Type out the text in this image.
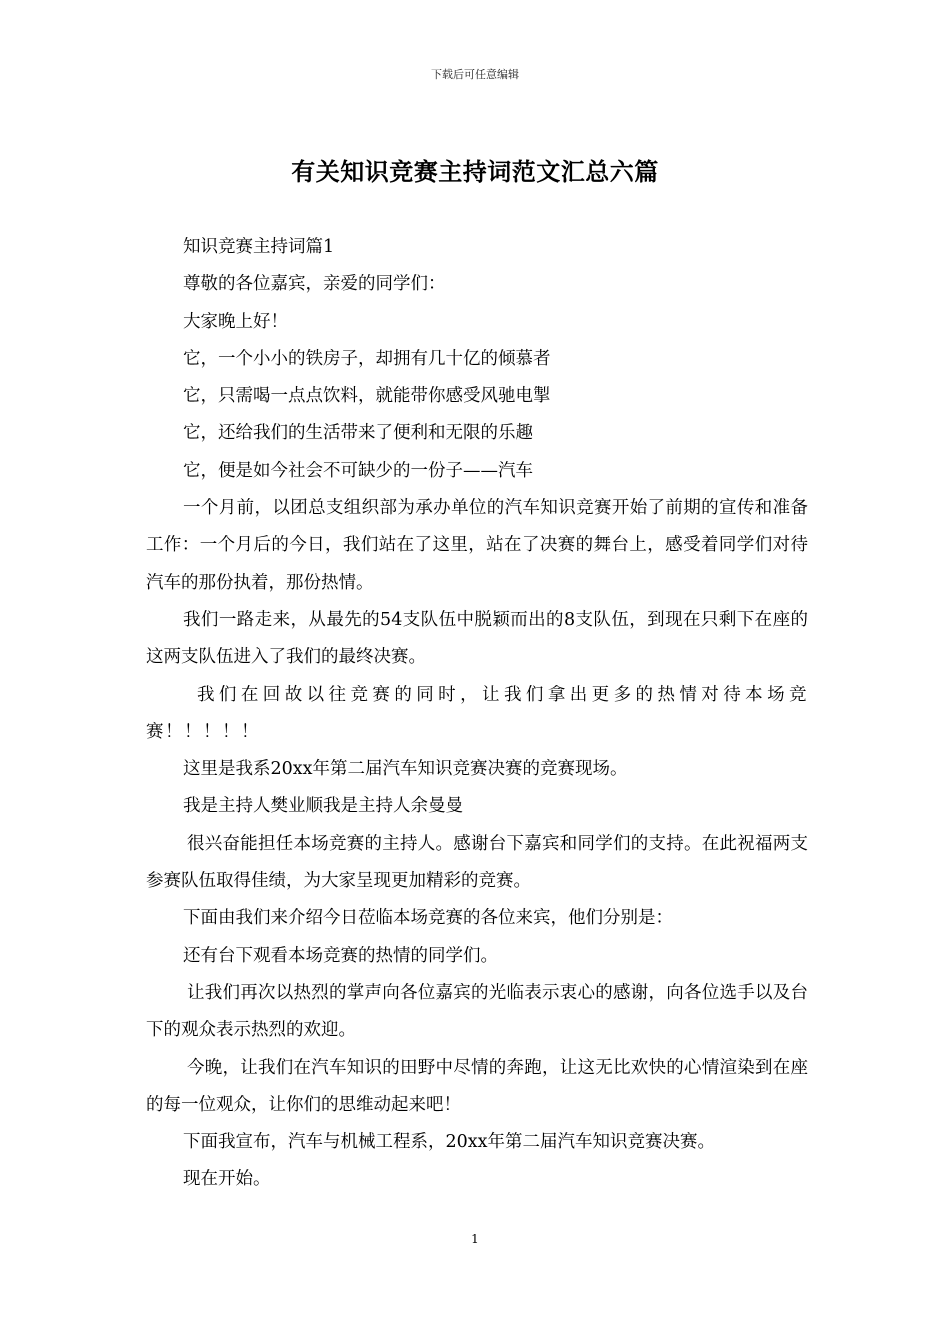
下载后可任意编辑
有关知识竞赛主持词范文汇总六篇

知识竞赛主持词篇1

尊敬的各位嘉宾，亲爱的同学们：

大家晚上好！

它，一个小小的铁房子，却拥有几十亿的倾慕者

它，只需喝一点点饮料，就能带你感受风驰电掣

它，还给我们的生活带来了便利和无限的乐趣

它，便是如今社会不可缺少的一份子——汽车

一个月前，以团总支组织部为承办单位的汽车知识竞赛开始了前期的宣传和准备工作：一个月后的今日，我们站在了这里，站在了决赛的舞台上，感受着同学们对待汽车的那份执着，那份热情。

我们一路走来，从最先的54支队伍中脱颖而出的8支队伍，到现在只剩下在座的这两支队伍进入了我们的最终决赛。

我们在回故以往竞赛的同时，让我们拿出更多的热情对待本场竞赛！！！！！

这里是我系20xx年第二届汽车知识竞赛决赛的竞赛现场。

我是主持人樊业顺我是主持人余曼曼

很兴奋能担任本场竞赛的主持人。感谢台下嘉宾和同学们的支持。在此祝福两支参赛队伍取得佳绩，为大家呈现更加精彩的竞赛。

下面由我们来介绍今日莅临本场竞赛的各位来宾，他们分别是：

还有台下观看本场竞赛的热情的同学们。

让我们再次以热烈的掌声向各位嘉宾的光临表示衷心的感谢，向各位选手以及台下的观众表示热烈的欢迎。

今晚，让我们在汽车知识的田野中尽情的奔跑，让这无比欢快的心情渲染到在座的每一位观众，让你们的思维动起来吧！

下面我宣布，汽车与机械工程系，20xx年第二届汽车知识竞赛决赛。

现在开始。

1
